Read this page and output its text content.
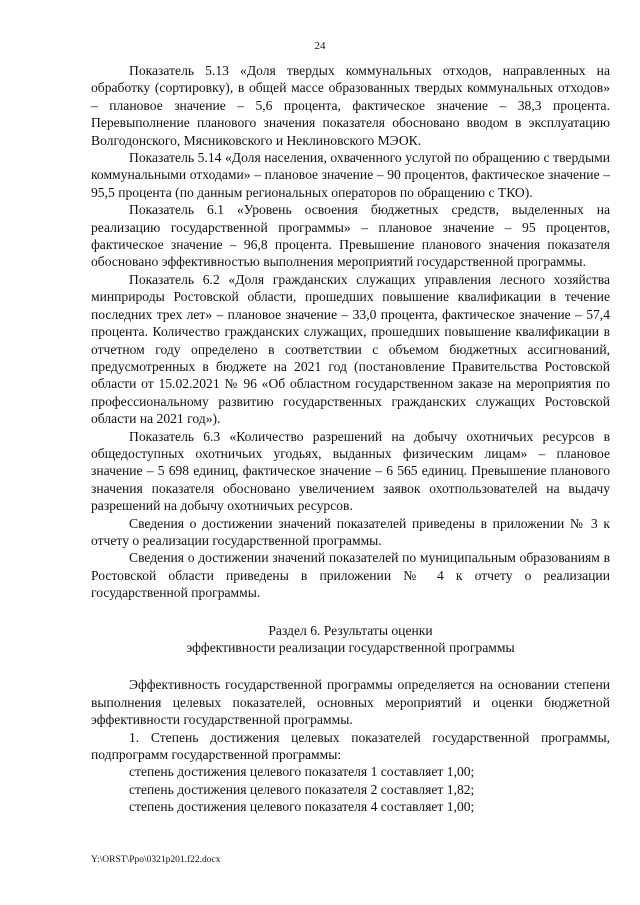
24

Показатель 5.13 «Доля твердых коммунальных отходов, направленных на обработку (сортировку), в общей массе образованных твердых коммунальных отходов» – плановое значение – 5,6 процента, фактическое значение – 38,3 процента. Перевыполнение планового значения показателя обосновано вводом в эксплуатацию Волгодонского, Мясниковского и Неклиновского МЭОК.

Показатель 5.14 «Доля населения, охваченного услугой по обращению с твердыми коммунальными отходами» – плановое значение – 90 процентов, фактическое значение – 95,5 процента (по данным региональных операторов по обращению с ТКО).

Показатель 6.1 «Уровень освоения бюджетных средств, выделенных на реализацию государственной программы» – плановое значение – 95 процентов, фактическое значение – 96,8 процента. Превышение планового значения показателя обосновано эффективностью выполнения мероприятий государственной программы.

Показатель 6.2 «Доля гражданских служащих управления лесного хозяйства минприроды Ростовской области, прошедших повышение квалификации в течение последних трех лет» – плановое значение – 33,0 процента, фактическое значение – 57,4 процента. Количество гражданских служащих, прошедших повышение квалификации в отчетном году определено в соответствии с объемом бюджетных ассигнований, предусмотренных в бюджете на 2021 год (постановление Правительства Ростовской области от 15.02.2021 № 96 «Об областном государственном заказе на мероприятия по профессиональному развитию государственных гражданских служащих Ростовской области на 2021 год»).

Показатель 6.3 «Количество разрешений на добычу охотничьих ресурсов в общедоступных охотничьих угодьях, выданных физическим лицам» – плановое значение – 5 698 единиц, фактическое значение – 6 565 единиц. Превышение планового значения показателя обосновано увеличением заявок охотпользователей на выдачу разрешений на добычу охотничьих ресурсов.

Сведения о достижении значений показателей приведены в приложении № 3 к отчету о реализации государственной программы.

Сведения о достижении значений показателей по муниципальным образованиям в Ростовской области приведены в приложении № 4 к отчету о реализации государственной программы.

Раздел 6. Результаты оценки

эффективности реализации государственной программы

Эффективность государственной программы определяется на основании степени выполнения целевых показателей, основных мероприятий и оценки бюджетной эффективности государственной программы.

1. Степень достижения целевых показателей государственной программы, подпрограмм государственной программы:

степень достижения целевого показателя 1 составляет 1,00;

степень достижения целевого показателя 2 составляет 1,82;

степень достижения целевого показателя 4 составляет 1,00;

Y:\ORST\Ppo\0321p201.f22.docx
